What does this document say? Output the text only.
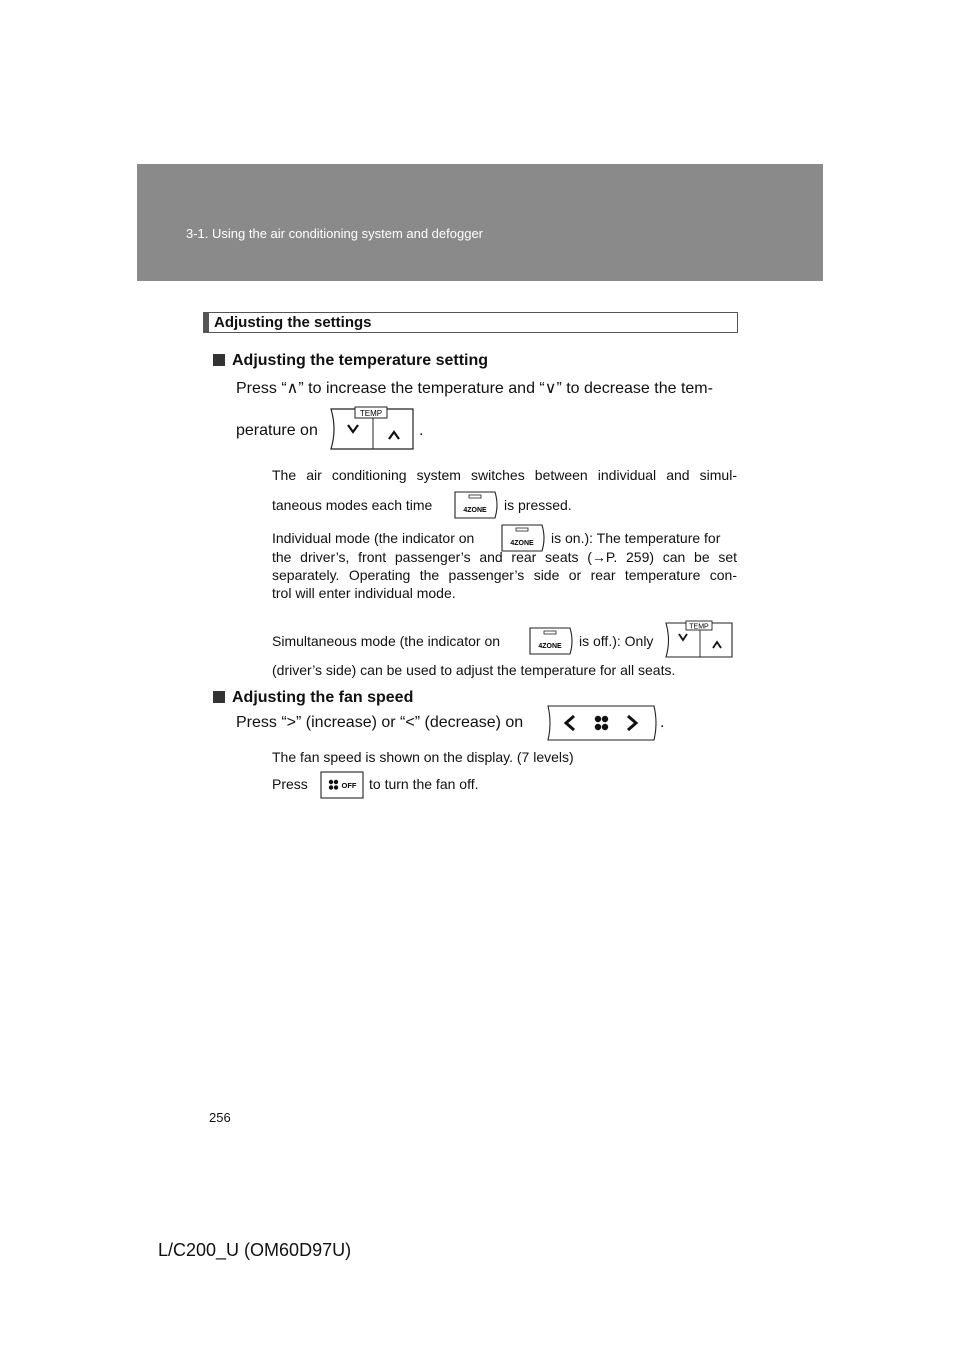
3-1. Using the air conditioning system and defogger
Adjusting the settings
Adjusting the temperature setting
Press “∧” to increase the temperature and “∨” to decrease the tem-
perature on
TEMP
.
The air conditioning system switches between individual and simul-
taneous modes each time	4ZONE is pressed.
Individual mode (the indicator on	4ZONE is on.): The temperature for
the driver’s, front passenger’s and rear seats (→P. 259) can be set
separately. Operating the passenger’s side or rear temperature con-
trol will enter individual mode.
Simultaneous mode (the indicator on	4ZONE is off.): Only
TEMP
(driver’s side) can be used to adjust the temperature for all seats.
Adjusting the fan speed
Press “>” (increase) or “<” (decrease) on	.
The fan speed is shown on the display. (7 levels)
Press	OFF to turn the fan off.
256
L/C200_U (OM60D97U)
